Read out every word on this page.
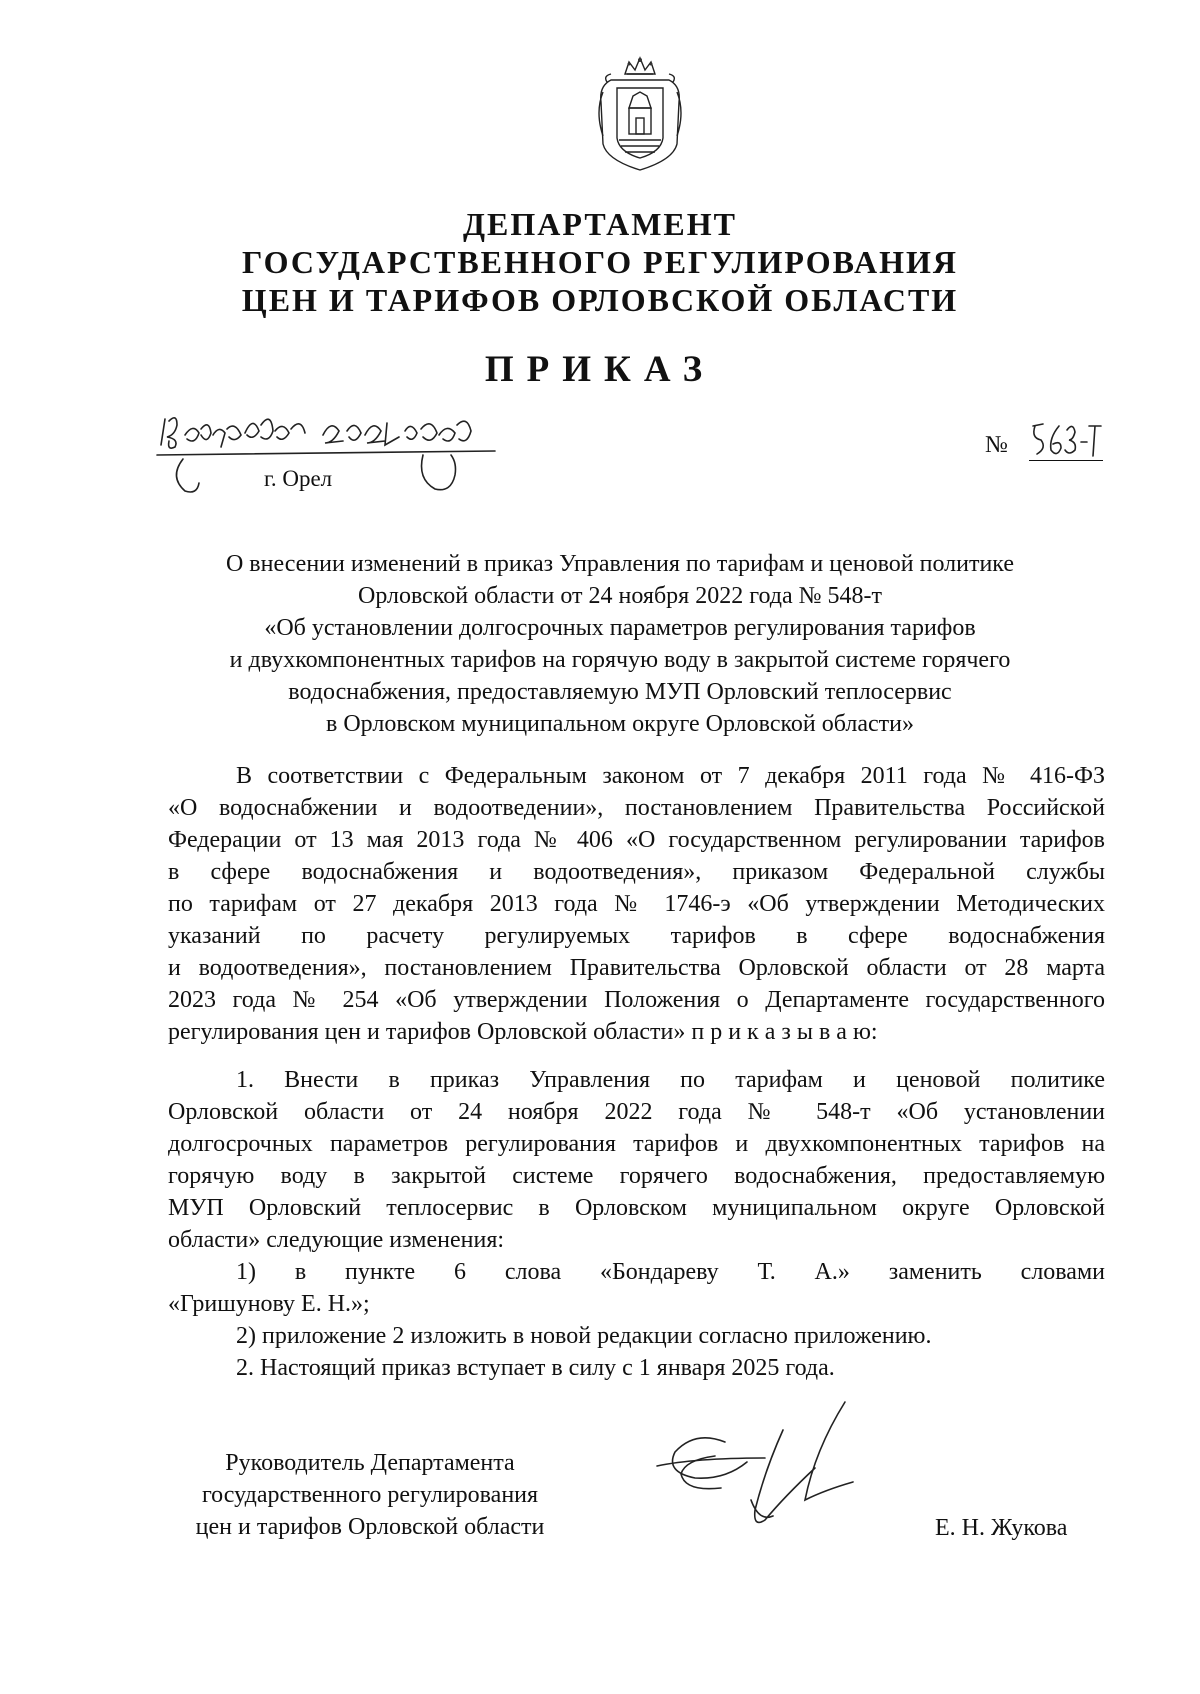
ДЕПАРТАМЕНТ
ГОСУДАРСТВЕННОГО РЕГУЛИРОВАНИЯ
ЦЕН И ТАРИФОВ ОРЛОВСКОЙ ОБЛАСТИ
ПРИКАЗ
г. Орел
№
О внесении изменений в приказ Управления по тарифам и ценовой политике
Орловской области от 24 ноября 2022 года № 548-т
«Об установлении долгосрочных параметров регулирования тарифов
и двухкомпонентных тарифов на горячую воду в закрытой системе горячего
водоснабжения, предоставляемую МУП Орловский теплосервис
в Орловском муниципальном округе Орловской области»
В соответствии с Федеральным законом от 7 декабря 2011 года № 416-ФЗ
«О водоснабжении и водоотведении», постановлением Правительства Российской
Федерации от 13 мая 2013 года № 406 «О государственном регулировании тарифов
в сфере водоснабжения и водоотведения», приказом Федеральной службы
по тарифам от 27 декабря 2013 года № 1746-э «Об утверждении Методических
указаний по расчету регулируемых тарифов в сфере водоснабжения
и водоотведения», постановлением Правительства Орловской области от 28 марта
2023 года № 254 «Об утверждении Положения о Департаменте государственного
регулирования цен и тарифов Орловской области» п р и к а з ы в а ю:
1. Внести в приказ Управления по тарифам и ценовой политике
Орловской области от 24 ноября 2022 года № 548-т «Об установлении
долгосрочных параметров регулирования тарифов и двухкомпонентных тарифов на
горячую воду в закрытой системе горячего водоснабжения, предоставляемую
МУП Орловский теплосервис в Орловском муниципальном округе Орловской
области» следующие изменения:
1) в пункте 6 слова «Бондареву Т. А.» заменить словами
«Гришунову Е. Н.»;
2) приложение 2 изложить в новой редакции согласно приложению.
2. Настоящий приказ вступает в силу с 1 января 2025 года.
Руководитель Департамента
государственного регулирования
цен и тарифов Орловской области	Е. Н. Жукова
